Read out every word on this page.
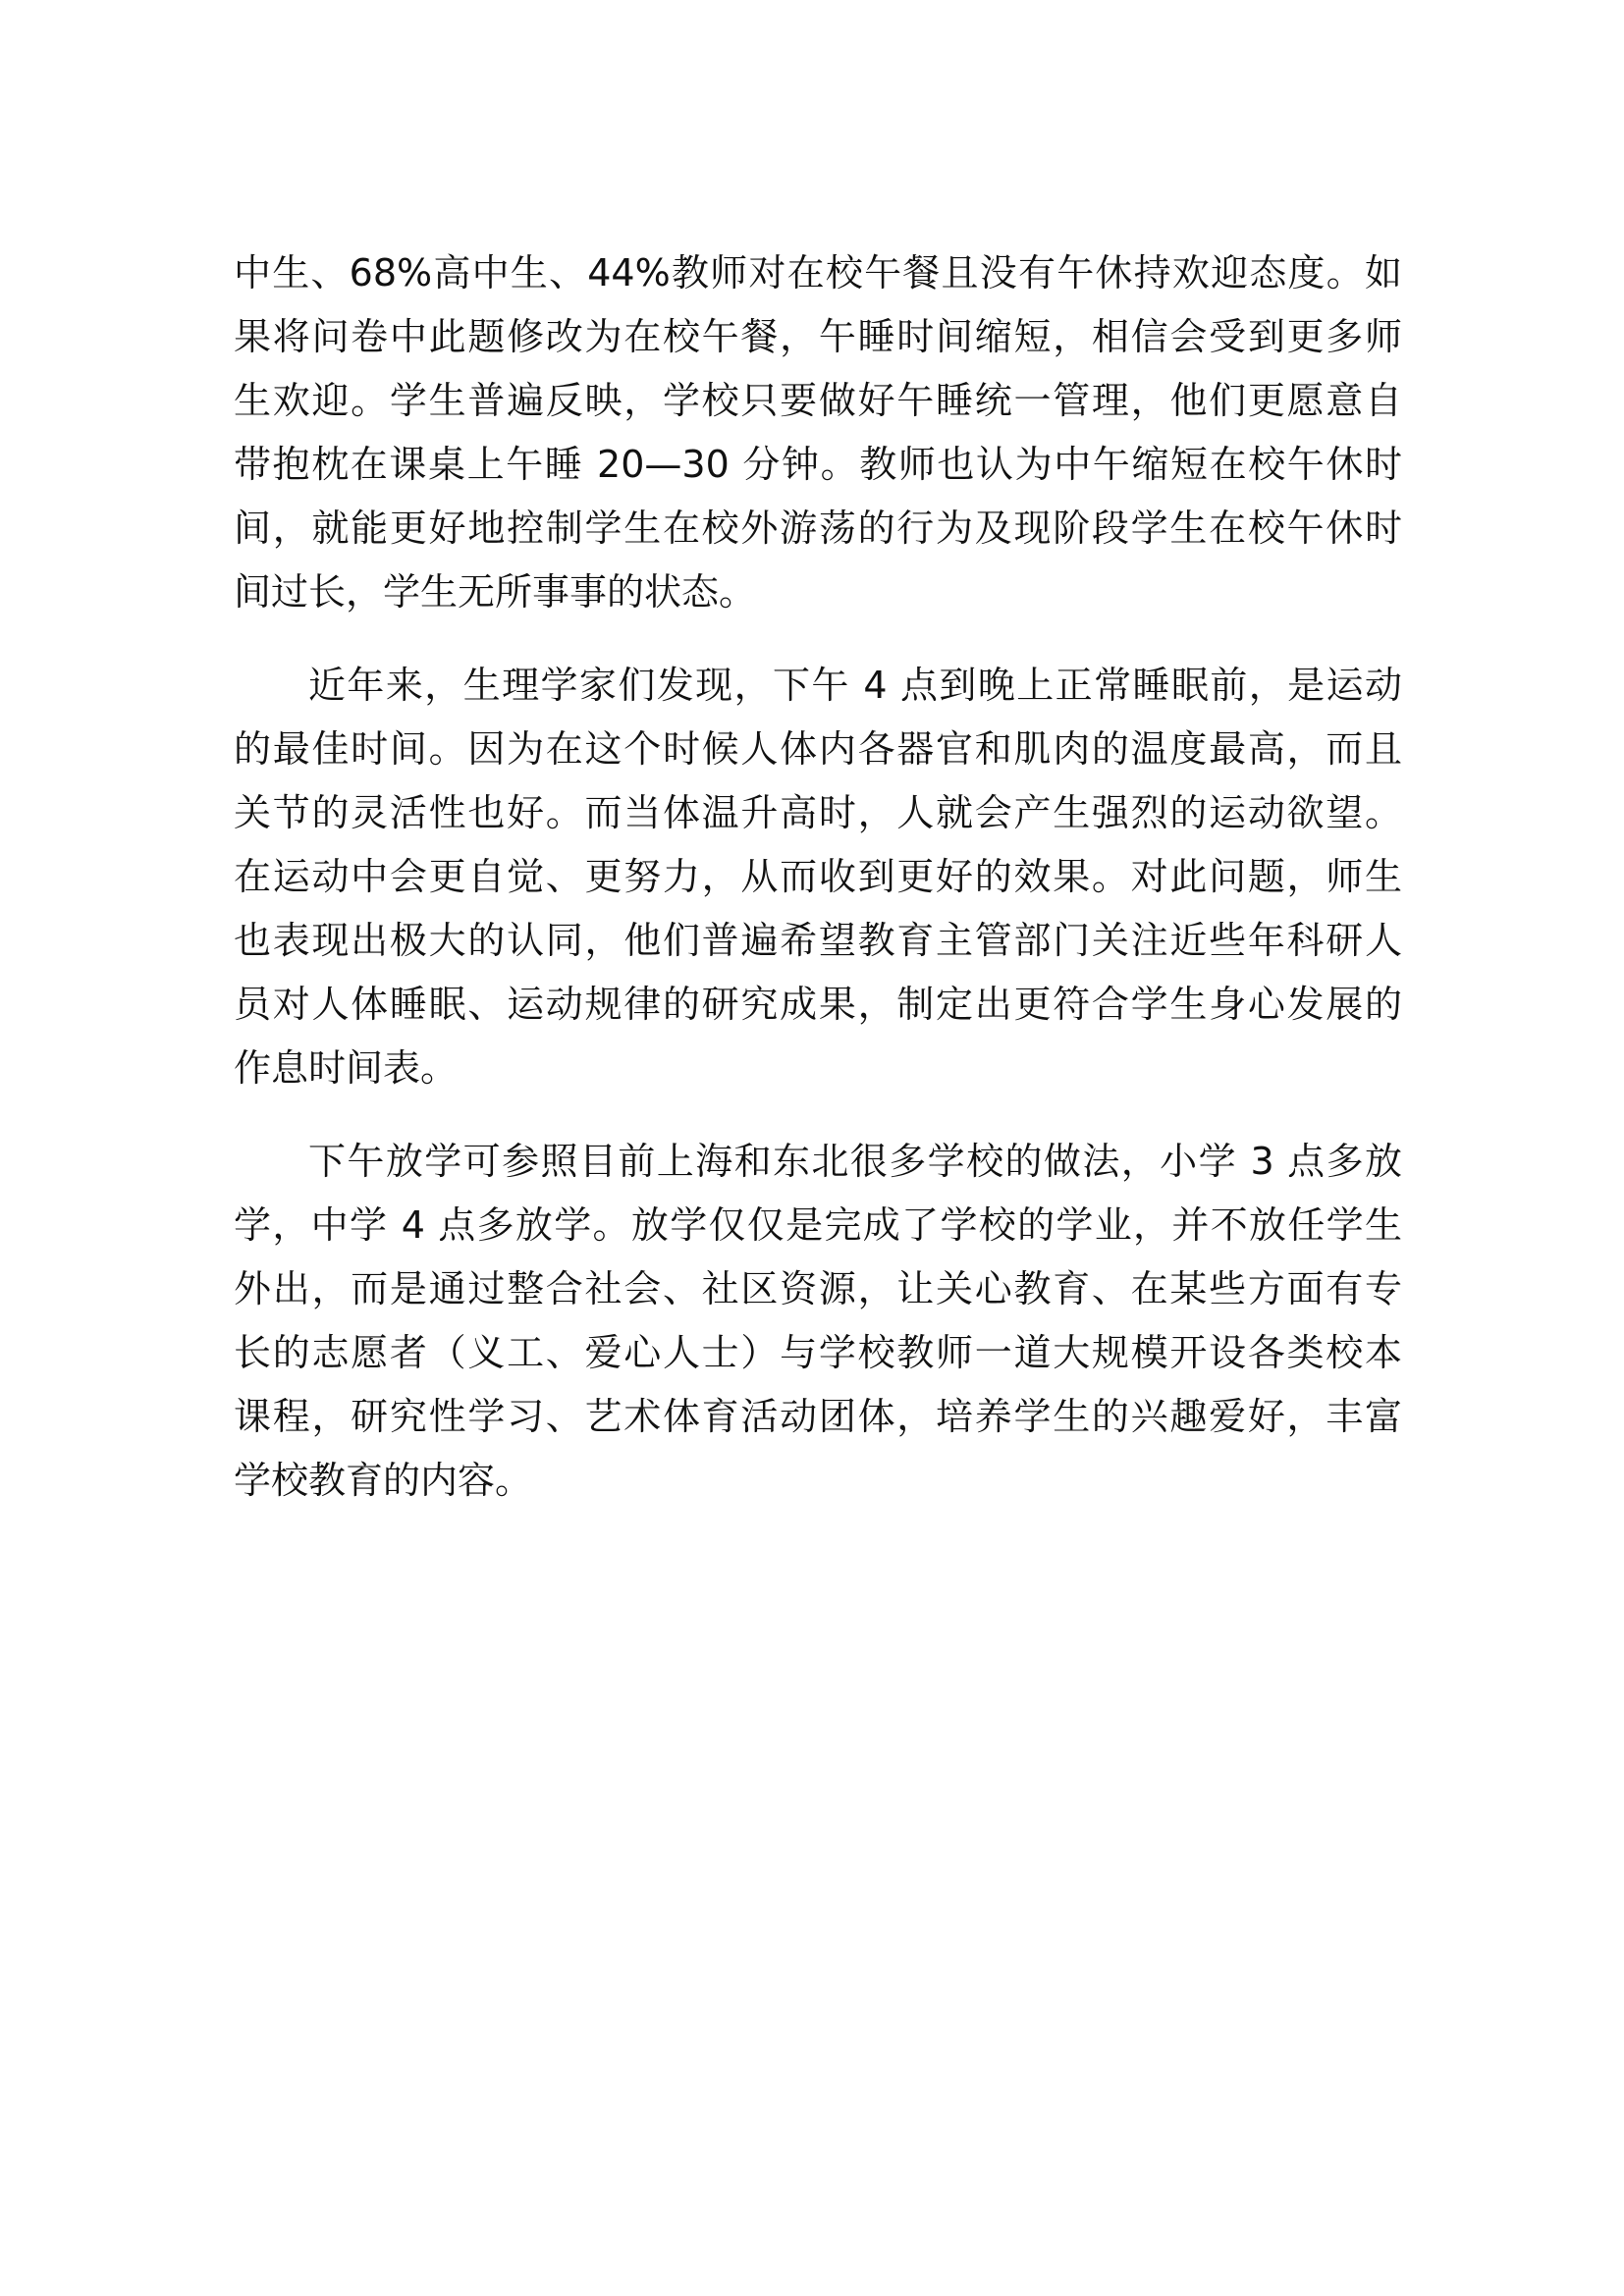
中生、68%高中生、44%教师对在校午餐且没有午休持欢迎态度。如
果将问卷中此题修改为在校午餐，午睡时间缩短，相信会受到更多师
生欢迎。学生普遍反映，学校只要做好午睡统一管理，他们更愿意自
带抱枕在课桌上午睡 20—30 分钟。教师也认为中午缩短在校午休时
间，就能更好地控制学生在校外游荡的行为及现阶段学生在校午休时
间过长，学生无所事事的状态。
近年来，生理学家们发现，下午 4 点到晚上正常睡眠前，是运动
的最佳时间。因为在这个时候人体内各器官和肌肉的温度最高，而且
关节的灵活性也好。而当体温升高时，人就会产生强烈的运动欲望。
在运动中会更自觉、更努力，从而收到更好的效果。对此问题，师生
也表现出极大的认同，他们普遍希望教育主管部门关注近些年科研人
员对人体睡眠、运动规律的研究成果，制定出更符合学生身心发展的
作息时间表。
下午放学可参照目前上海和东北很多学校的做法，小学 3 点多放
学，中学 4 点多放学。放学仅仅是完成了学校的学业，并不放任学生
外出，而是通过整合社会、社区资源，让关心教育、在某些方面有专
长的志愿者（义工、爱心人士）与学校教师一道大规模开设各类校本
课程，研究性学习、艺术体育活动团体，培养学生的兴趣爱好，丰富
学校教育的内容。
